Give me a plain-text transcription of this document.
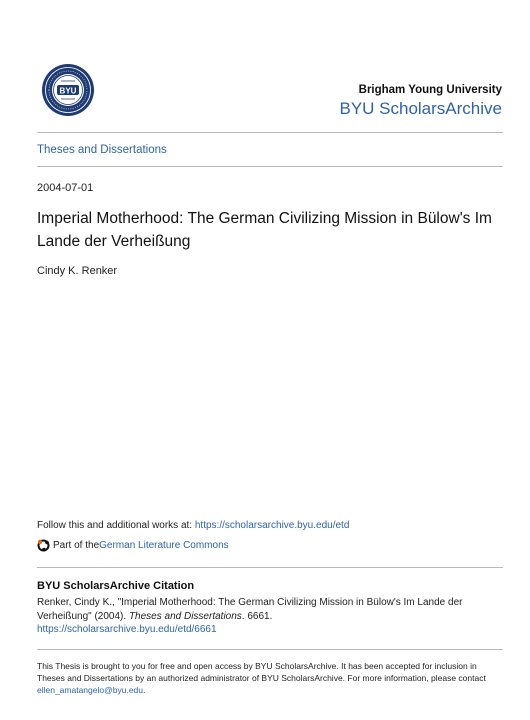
BYU	Brigham Young University
BYU ScholarsArchive
Theses and Dissertations
2004-07-01
Imperial Motherhood: The German Civilizing Mission in Bülow's Im Lande der Verheißung
Cindy K. Renker
Follow this and additional works at: https://scholarsarchive.byu.edu/etd
Part of the German Literature Commons
BYU ScholarsArchive Citation
Renker, Cindy K., "Imperial Motherhood: The German Civilizing Mission in Bülow's Im Lande der Verheißung" (2004). Theses and Dissertations. 6661.
https://scholarsarchive.byu.edu/etd/6661
This Thesis is brought to you for free and open access by BYU ScholarsArchive. It has been accepted for inclusion in Theses and Dissertations by an authorized administrator of BYU ScholarsArchive. For more information, please contact ellen_amatangelo@byu.edu.
